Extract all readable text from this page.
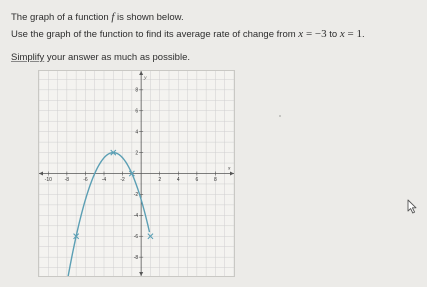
The graph of a function f is shown below.
Use the graph of the function to find its average rate of change from x = −3 to x = 1.
Simplify your answer as much as possible.
-10	-8	-6	-4	-2	2	4	6	8
8
6
4
2
-2
-4
-6
-8
x
y
